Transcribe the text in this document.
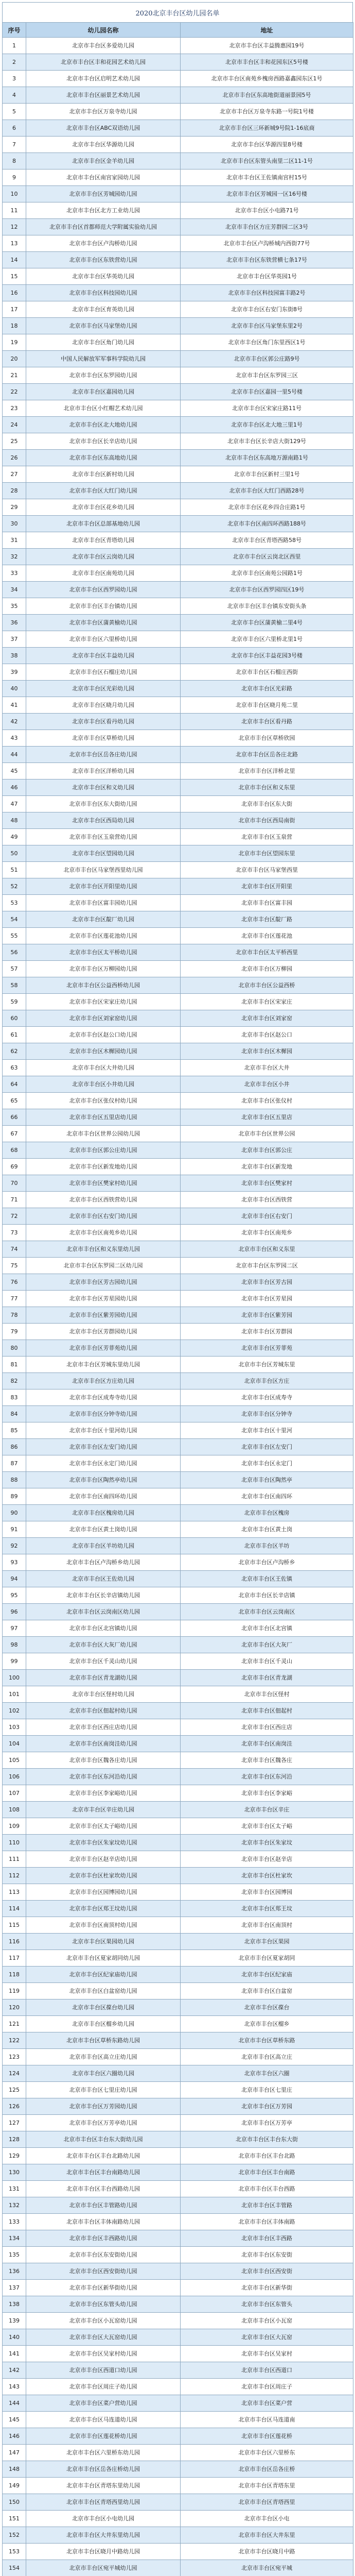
2020北京丰台区幼儿园名单
序号	幼儿园名称	地址
1	北京市丰台区多爱幼儿园	北京市丰台区丰益腾惠园19号
2	北京市丰台区丰和花园艺术幼儿园	北京市丰台区丰和花园东区5号楼
3	北京市丰台区启明艺术幼儿园	北京市丰台区南苑乡槐房西路嘉鑫园东区1号
4	北京市丰台区丽景艺术幼儿园	北京市丰台区东高地街道丽景园5号
5	北京市丰台区万泉寺幼儿园	北京市丰台区万泉寺东路一号院1号楼
6	北京市丰台区ABC双语幼儿园	北京市丰台区三环新城9号院1-16底商
7	北京市丰台区华源幼儿园	北京市丰台区华源四里8号楼
8	北京市丰台区金羊幼儿园	北京市丰台区东管头南里二区11-1号
9	北京市丰台区南宫家园幼儿园	北京市丰台区王佐镇南宫村15号
10	北京市丰台区芳城园幼儿园	北京市丰台区芳城园一区16号楼
11	北京市丰台区北方工业幼儿园	北京市丰台区小屯路71号
12	北京市丰台区首都师范大学附属实验幼儿园	北京市丰台区方庄芳群园二区3号
13	北京市丰台区卢沟桥幼儿园	北京市丰台区卢沟桥城内西街77号
14	北京市丰台区东铁营幼儿园	北京市丰台区东铁营横七条17号
15	北京市丰台区华英幼儿园	北京市丰台区华英园1号
16	北京市丰台区科技园幼儿园	北京市丰台区科技园富丰路2号
17	北京市丰台区育英幼儿园	北京市丰台区右安门东街8号
18	北京市丰台区马家堡幼儿园	北京市丰台区马家堡东里2号
19	北京市丰台区角门幼儿园	北京市丰台区角门东里西区1号
20	中国人民解放军军事科学院幼儿园	北京市丰台区郭公庄路9号
21	北京市丰台区东罗园幼儿园	北京市丰台区东罗园三区
22	北京市丰台区嘉园幼儿园	北京市丰台区嘉园一里5号楼
23	北京市丰台区小红帽艺术幼儿园	北京市丰台区宋家庄路11号
24	北京市丰台区北大地幼儿园	北京市丰台区北大地三里1号
25	北京市丰台区长辛店幼儿园	北京市丰台区长辛店大街129号
26	北京市丰台区东高地幼儿园	北京市丰台区东高地万源南路1号
27	北京市丰台区新村幼儿园	北京市丰台区新村三里1号
28	北京市丰台区大红门幼儿园	北京市丰台区大红门西路28号
29	北京市丰台区花乡幼儿园	北京市丰台区花乡四合庄路1号
30	北京市丰台区总部基地幼儿园	北京市丰台区南四环西路188号
31	北京市丰台区青塔幼儿园	北京市丰台区青塔西路58号
32	北京市丰台区云岗幼儿园	北京市丰台区云岗北区西里
33	北京市丰台区南苑幼儿园	北京市丰台区南苑公园路1号
34	北京市丰台区西罗园幼儿园	北京市丰台区西罗园四区19号
35	北京市丰台区丰台镇幼儿园	北京市丰台区丰台镇东安街头条
36	北京市丰台区蒲黄榆幼儿园	北京市丰台区蒲黄榆二里4号
37	北京市丰台区六里桥幼儿园	北京市丰台区六里桥北里1号
38	北京市丰台区丰益幼儿园	北京市丰台区丰益花园3号楼
39	北京市丰台区石榴庄幼儿园	北京市丰台区石榴庄西街
40	北京市丰台区光彩幼儿园	北京市丰台区光彩路
41	北京市丰台区晓月幼儿园	北京市丰台区晓月苑二里
42	北京市丰台区看丹幼儿园	北京市丰台区看丹路
43	北京市丰台区草桥幼儿园	北京市丰台区草桥欣园
44	北京市丰台区岳各庄幼儿园	北京市丰台区岳各庄北路
45	北京市丰台区洋桥幼儿园	北京市丰台区洋桥北里
46	北京市丰台区和义幼儿园	北京市丰台区和义东里
47	北京市丰台区东大街幼儿园	北京市丰台区东大街
48	北京市丰台区西局幼儿园	北京市丰台区西局南街
49	北京市丰台区玉泉营幼儿园	北京市丰台区玉泉营
50	北京市丰台区望园幼儿园	北京市丰台区望园东里
51	北京市丰台区马家堡西里幼儿园	北京市丰台区马家堡西里
52	北京市丰台区开阳里幼儿园	北京市丰台区开阳里
53	北京市丰台区富丰园幼儿园	北京市丰台区富丰园
54	北京市丰台区靛厂幼儿园	北京市丰台区靛厂路
55	北京市丰台区莲花池幼儿园	北京市丰台区莲花池
56	北京市丰台区太平桥幼儿园	北京市丰台区太平桥西里
57	北京市丰台区万柳园幼儿园	北京市丰台区万柳园
58	北京市丰台区公益西桥幼儿园	北京市丰台区公益西桥
59	北京市丰台区宋家庄幼儿园	北京市丰台区宋家庄
60	北京市丰台区刘家窑幼儿园	北京市丰台区刘家窑
61	北京市丰台区赵公口幼儿园	北京市丰台区赵公口
62	北京市丰台区木樨园幼儿园	北京市丰台区木樨园
63	北京市丰台区大井幼儿园	北京市丰台区大井
64	北京市丰台区小井幼儿园	北京市丰台区小井
65	北京市丰台区张仪村幼儿园	北京市丰台区张仪村
66	北京市丰台区五里店幼儿园	北京市丰台区五里店
67	北京市丰台区世界公园幼儿园	北京市丰台区世界公园
68	北京市丰台区郭公庄幼儿园	北京市丰台区郭公庄
69	北京市丰台区新发地幼儿园	北京市丰台区新发地
70	北京市丰台区樊家村幼儿园	北京市丰台区樊家村
71	北京市丰台区西铁营幼儿园	北京市丰台区西铁营
72	北京市丰台区右安门幼儿园	北京市丰台区右安门
73	北京市丰台区南苑乡幼儿园	北京市丰台区南苑乡
74	北京市丰台区和义东里幼儿园	北京市丰台区和义东里
75	北京市丰台区东罗园二区幼儿园	北京市丰台区东罗园二区
76	北京市丰台区芳古园幼儿园	北京市丰台区芳古园
77	北京市丰台区芳星园幼儿园	北京市丰台区芳星园
78	北京市丰台区紫芳园幼儿园	北京市丰台区紫芳园
79	北京市丰台区芳群园幼儿园	北京市丰台区芳群园
80	北京市丰台区芳菲苑幼儿园	北京市丰台区芳菲苑
81	北京市丰台区芳城东里幼儿园	北京市丰台区芳城东里
82	北京市丰台区方庄幼儿园	北京市丰台区方庄
83	北京市丰台区成寿寺幼儿园	北京市丰台区成寿寺
84	北京市丰台区分钟寺幼儿园	北京市丰台区分钟寺
85	北京市丰台区十里河幼儿园	北京市丰台区十里河
86	北京市丰台区左安门幼儿园	北京市丰台区左安门
87	北京市丰台区永定门幼儿园	北京市丰台区永定门
88	北京市丰台区陶然亭幼儿园	北京市丰台区陶然亭
89	北京市丰台区南四环幼儿园	北京市丰台区南四环
90	北京市丰台区槐房幼儿园	北京市丰台区槐房
91	北京市丰台区黄土岗幼儿园	北京市丰台区黄土岗
92	北京市丰台区羊坊幼儿园	北京市丰台区羊坊
93	北京市丰台区卢沟桥乡幼儿园	北京市丰台区卢沟桥乡
94	北京市丰台区王佐幼儿园	北京市丰台区王佐镇
95	北京市丰台区长辛店镇幼儿园	北京市丰台区长辛店镇
96	北京市丰台区云岗南区幼儿园	北京市丰台区云岗南区
97	北京市丰台区北宫镇幼儿园	北京市丰台区北宫镇
98	北京市丰台区大灰厂幼儿园	北京市丰台区大灰厂
99	北京市丰台区千灵山幼儿园	北京市丰台区千灵山
100	北京市丰台区青龙湖幼儿园	北京市丰台区青龙湖
101	北京市丰台区怪村幼儿园	北京市丰台区怪村
102	北京市丰台区佃起村幼儿园	北京市丰台区佃起村
103	北京市丰台区西庄店幼儿园	北京市丰台区西庄店
104	北京市丰台区南岗洼幼儿园	北京市丰台区南岗洼
105	北京市丰台区魏各庄幼儿园	北京市丰台区魏各庄
106	北京市丰台区东河沿幼儿园	北京市丰台区东河沿
107	北京市丰台区李家峪幼儿园	北京市丰台区李家峪
108	北京市丰台区辛庄幼儿园	北京市丰台区辛庄
109	北京市丰台区太子峪幼儿园	北京市丰台区太子峪
110	北京市丰台区朱家坟幼儿园	北京市丰台区朱家坟
111	北京市丰台区赵辛店幼儿园	北京市丰台区赵辛店
112	北京市丰台区杜家坎幼儿园	北京市丰台区杜家坎
113	北京市丰台区园博园幼儿园	北京市丰台区园博园
114	北京市丰台区郑王坟幼儿园	北京市丰台区郑王坟
115	北京市丰台区南顶村幼儿园	北京市丰台区南顶村
116	北京市丰台区果园幼儿园	北京市丰台区果园
117	北京市丰台区夏家胡同幼儿园	北京市丰台区夏家胡同
118	北京市丰台区纪家庙幼儿园	北京市丰台区纪家庙
119	北京市丰台区白盆窑幼儿园	北京市丰台区白盆窑
120	北京市丰台区葆台幼儿园	北京市丰台区葆台
121	北京市丰台区榴乡幼儿园	北京市丰台区榴乡
122	北京市丰台区草桥东路幼儿园	北京市丰台区草桥东路
123	北京市丰台区高立庄幼儿园	北京市丰台区高立庄
124	北京市丰台区六圈幼儿园	北京市丰台区六圈
125	北京市丰台区七里庄幼儿园	北京市丰台区七里庄
126	北京市丰台区万芳园幼儿园	北京市丰台区万芳园
127	北京市丰台区万芳亭幼儿园	北京市丰台区万芳亭
128	北京市丰台区丰台东大街幼儿园	北京市丰台区丰台东大街
129	北京市丰台区丰台北路幼儿园	北京市丰台区丰台北路
130	北京市丰台区丰台南路幼儿园	北京市丰台区丰台南路
131	北京市丰台区丰台西路幼儿园	北京市丰台区丰台西路
132	北京市丰台区丰管路幼儿园	北京市丰台区丰管路
133	北京市丰台区丰体南路幼儿园	北京市丰台区丰体南路
134	北京市丰台区丰西路幼儿园	北京市丰台区丰西路
135	北京市丰台区东安街幼儿园	北京市丰台区东安街
136	北京市丰台区西安街幼儿园	北京市丰台区西安街
137	北京市丰台区新华街幼儿园	北京市丰台区新华街
138	北京市丰台区东管头幼儿园	北京市丰台区东管头
139	北京市丰台区小瓦窑幼儿园	北京市丰台区小瓦窑
140	北京市丰台区大瓦窑幼儿园	北京市丰台区大瓦窑
141	北京市丰台区吴家村幼儿园	北京市丰台区吴家村
142	北京市丰台区西道口幼儿园	北京市丰台区西道口
143	北京市丰台区周庄子幼儿园	北京市丰台区周庄子
144	北京市丰台区菜户营幼儿园	北京市丰台区菜户营
145	北京市丰台区马连道幼儿园	北京市丰台区马连道南
146	北京市丰台区莲花桥幼儿园	北京市丰台区莲花桥
147	北京市丰台区六里桥东幼儿园	北京市丰台区六里桥东
148	北京市丰台区岳各庄桥幼儿园	北京市丰台区岳各庄桥
149	北京市丰台区青塔东里幼儿园	北京市丰台区青塔东里
150	北京市丰台区青塔西里幼儿园	北京市丰台区青塔西里
151	北京市丰台区小屯幼儿园	北京市丰台区小屯
152	北京市丰台区大井东里幼儿园	北京市丰台区大井东里
153	北京市丰台区晓月中路幼儿园	北京市丰台区晓月中路
154	北京市丰台区宛平城幼儿园	北京市丰台区宛平城
